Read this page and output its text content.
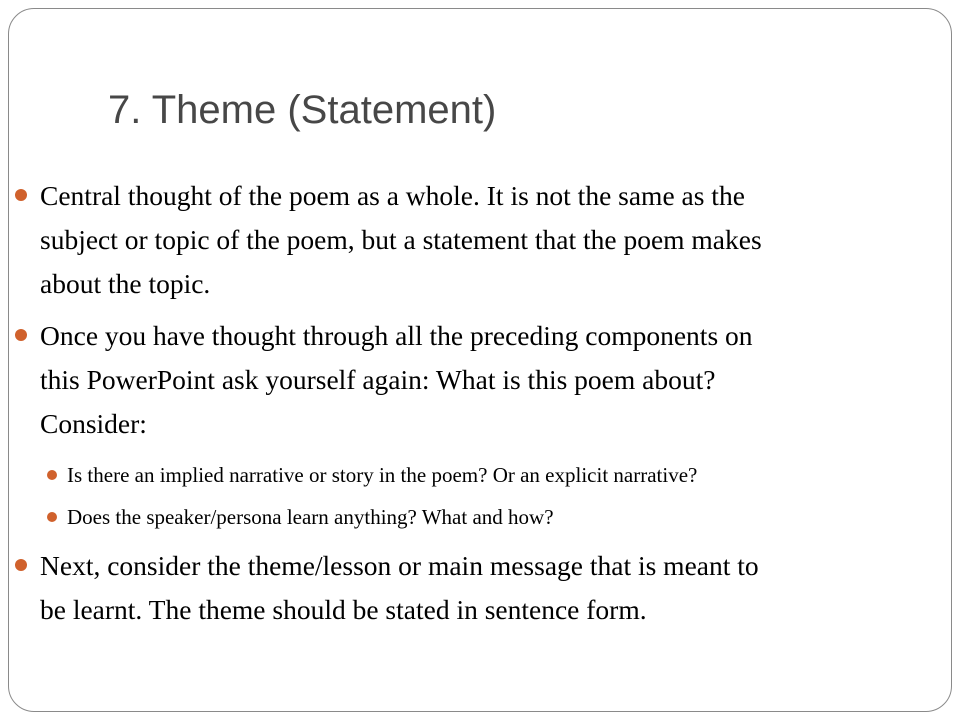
7. Theme (Statement)
Central thought of the poem as a whole. It is not the same as the
subject or topic of the poem, but a statement that the poem makes
about the topic.
Once you have thought through all the preceding components on
this PowerPoint ask yourself again: What is this poem about?
Consider:
Is there an implied narrative or story in the poem? Or an explicit narrative?
Does the speaker/persona learn anything? What and how?
Next, consider the theme/lesson or main message that is meant to
be learnt. The theme should be stated in sentence form.
